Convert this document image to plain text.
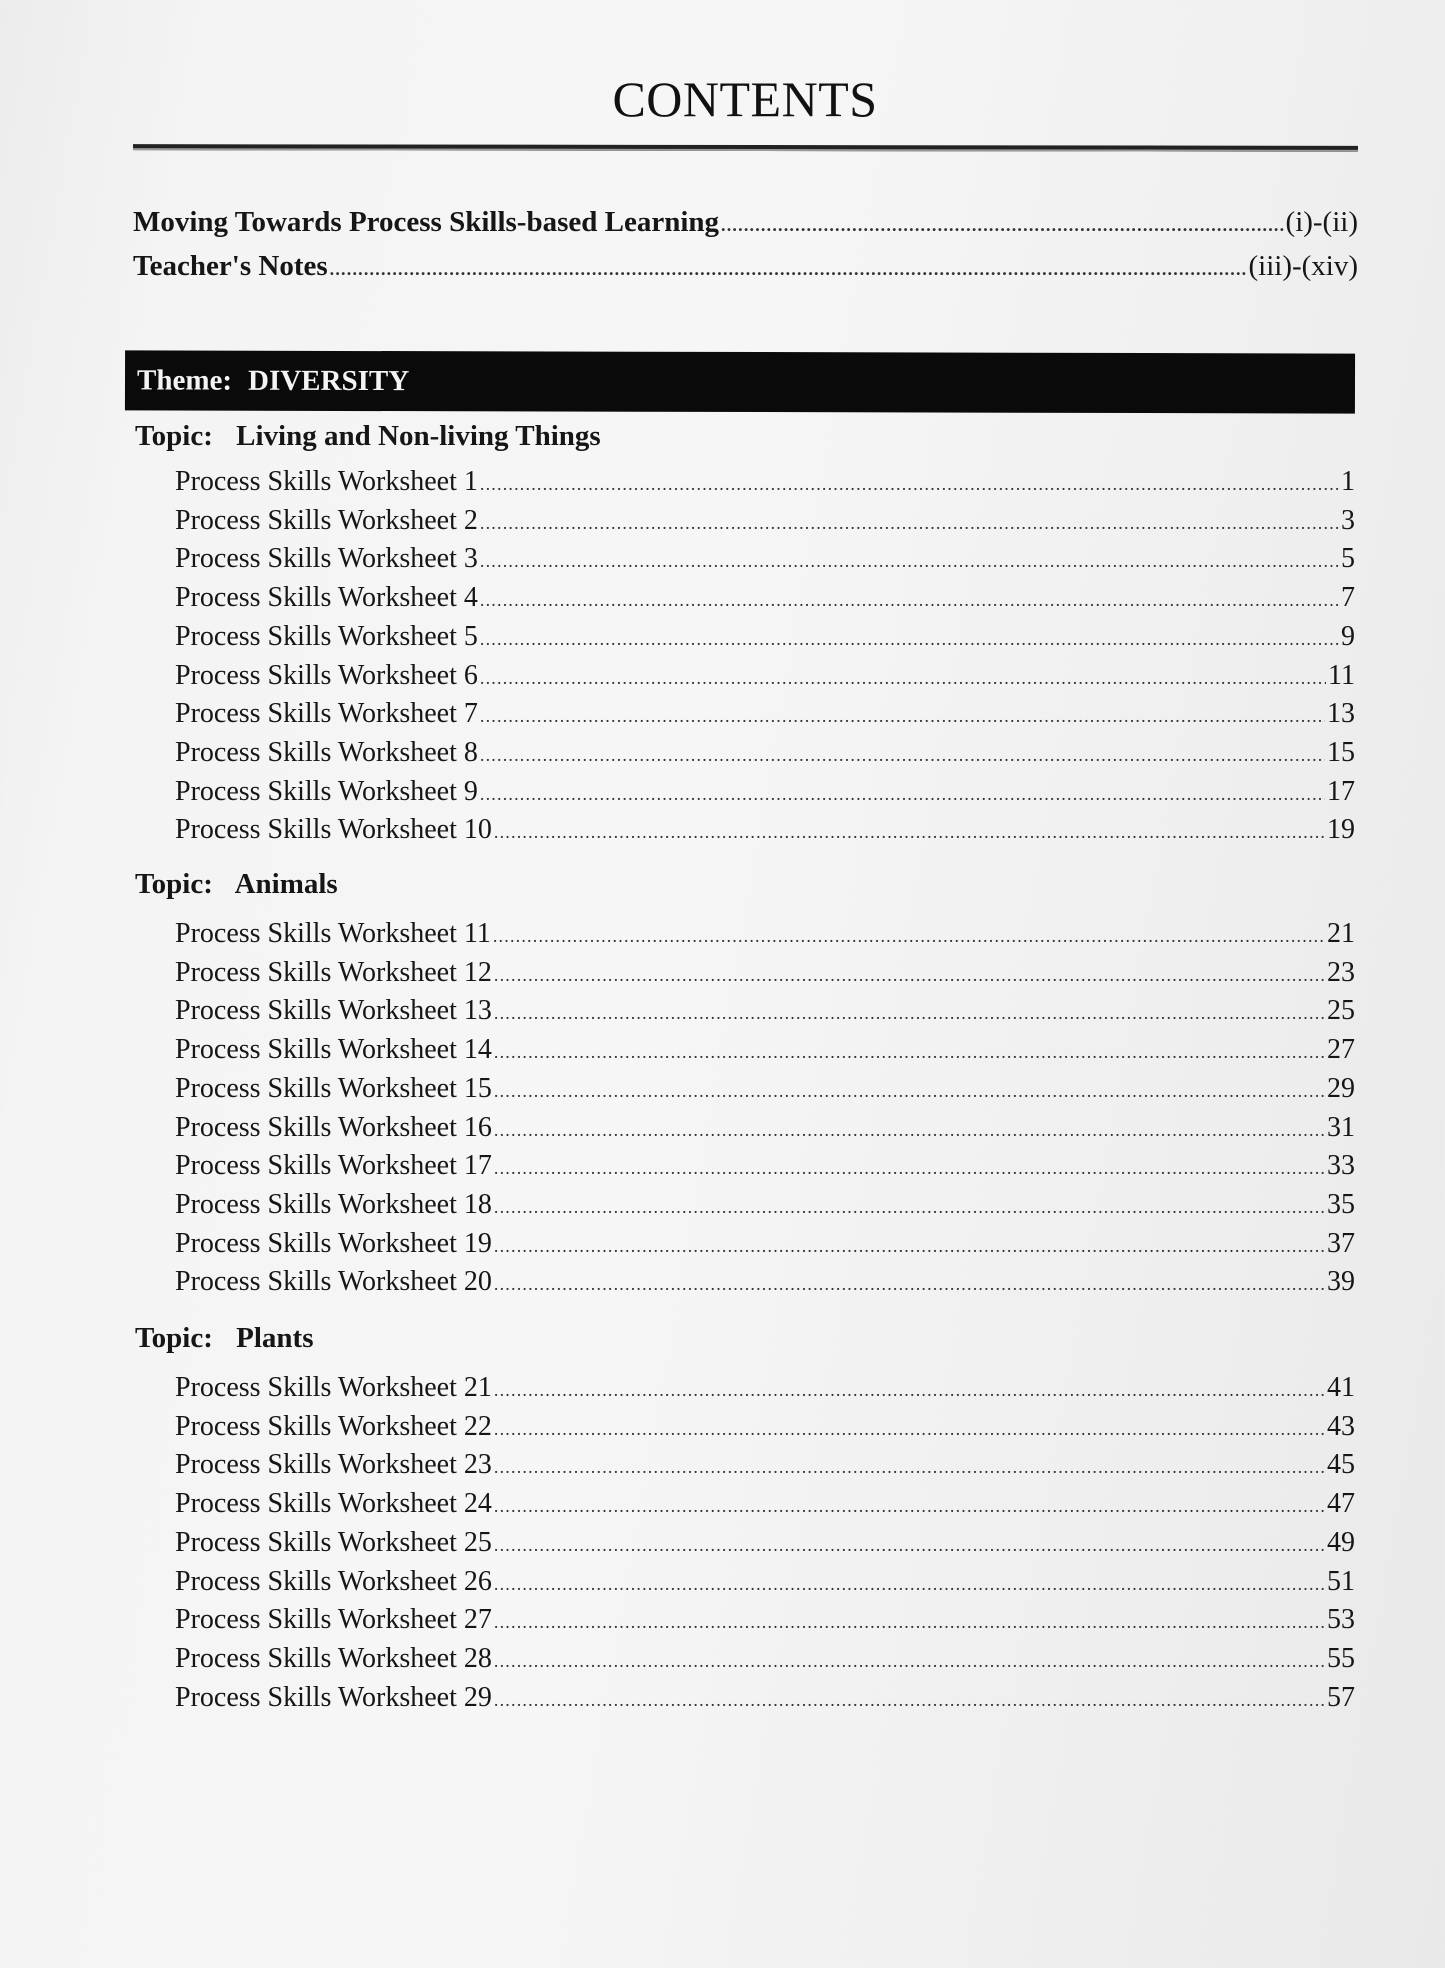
CONTENTS
Moving Towards Process Skills-based Learning .....	(i)-(ii)
Teacher's Notes .....	(iii)-(xiv)
Theme: DIVERSITY
Topic: Living and Non-living Things
Process Skills Worksheet 1 .....	1
Process Skills Worksheet 2 .....	3
Process Skills Worksheet 3 .....	5
Process Skills Worksheet 4 .....	7
Process Skills Worksheet 5 .....	9
Process Skills Worksheet 6 .....	11
Process Skills Worksheet 7 .....	13
Process Skills Worksheet 8 .....	15
Process Skills Worksheet 9 .....	17
Process Skills Worksheet 10 .....	19
Topic: Animals
Process Skills Worksheet 11 .....	21
Process Skills Worksheet 12 .....	23
Process Skills Worksheet 13 .....	25
Process Skills Worksheet 14 .....	27
Process Skills Worksheet 15 .....	29
Process Skills Worksheet 16 .....	31
Process Skills Worksheet 17 .....	33
Process Skills Worksheet 18 .....	35
Process Skills Worksheet 19 .....	37
Process Skills Worksheet 20 .....	39
Topic: Plants
Process Skills Worksheet 21 .....	41
Process Skills Worksheet 22 .....	43
Process Skills Worksheet 23 .....	45
Process Skills Worksheet 24 .....	47
Process Skills Worksheet 25 .....	49
Process Skills Worksheet 26 .....	51
Process Skills Worksheet 27 .....	53
Process Skills Worksheet 28 .....	55
Process Skills Worksheet 29 .....	57
